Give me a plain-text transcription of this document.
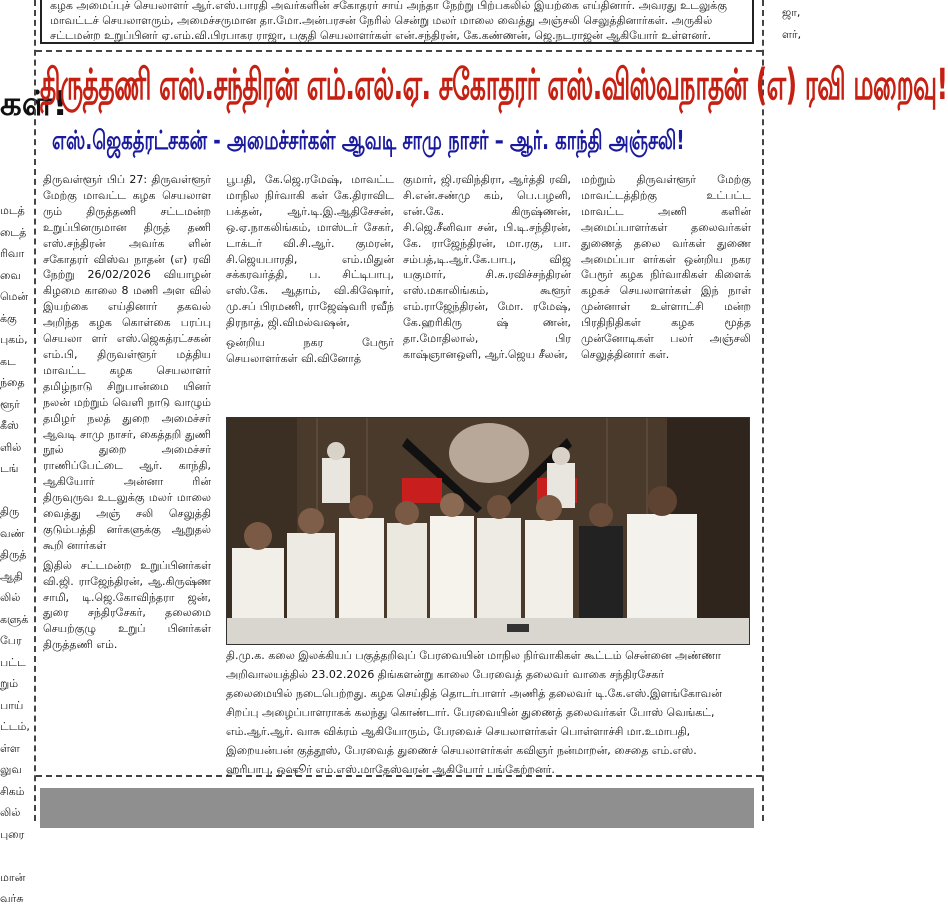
கள்!
மடத்
டைத்
ரிவா
வை
மென்
க்கு
புகம்,
கட
ந்தை
ளூர்
கீஸ்
ளில்
டங்

திரு
வண்
திருத்
ஆதி
லில்
களுக்
பேர
பட்ட
றும்
பாய்
ட்டம்,
ள்ள
லுவ
சிகம்
லில்
புரை

மான்
வர்சு
ஜா,
ளர்,
கழக அமைப்புச் செயலாளர் ஆர்.எஸ்.பாரதி அவர்களின் சகோதரர் சாய் அந்தா நேற்று பிற்பகலில் இயற்கை எய்தினார். அவரது உடலுக்கு
மாவட்டச் செயலாளரும், அமைச்சருமான தா.மோ.அன்பரசன் நேரில் சென்று மலர் மாலை வைத்து அஞ்சலி செலுத்தினார்கள். அருகில்
சட்டமன்ற உறுப்பினர் ஏ.எம்.வி.பிரபாகர ராஜா, பகுதி செயலாளர்கள் என்.சந்திரன், கே.கண்ணன், ஜெ.நடராஜன் ஆகியோர் உள்ளனர்.
திருத்தணி எஸ்.சந்திரன் எம்.எல்.ஏ. சகோதரர் எஸ்.விஸ்வநாதன் (எ) ரவி மறைவு!
எஸ்.ஜெகத்ரட்சகன் - அமைச்சர்கள் ஆவடி சாமு நாசர் – ஆர். காந்தி அஞ்சலி!

திருவள்ளூர் பிப் 27: திருவள்ளூர் மேற்கு மாவட்ட கழக செயலாள ரும் திருத்தணி சட்டமன்ற உறுப்பினருமான திருத் தணி எஸ்.சந்திரன் அவர்க ளின் சகோதரர் விஸ்வ நாதன் (எ) ரவி நேற்று 26/02/2026 வியாழன் கிழமை காலை 8 மணி அள வில் இயற்கை எய்தினார் தகவல் அறிந்த கழக கொள்கை பரப்பு செயலா ளர் எஸ்.ஜெகத்ரட்சகன் எம்.பி, திருவள்ளூர் மத்திய மாவட்ட கழக செயலாளர் தமிழ்நாடு சிறுபான்மை யினர் நலன் மற்றும் வெளி நாடு வாழும் தமிழர் நலத் துறை அமைச்சர் ஆவடி சாமு நாசர், கைத்தறி துணி நூல் துறை அமைச்சர் ராணிப்பேட்டை ஆர். காந்தி, ஆகியோர் அன்னா ரின் திருவுருவ உடலுக்கு மலர் மாலை வைத்து அஞ் சலி செலுத்தி குடும்பத்தி னர்களுக்கு ஆறுதல் கூறி னார்கள்

இதில் சட்டமன்ற உறுப்பினர்கள் வி.ஜி. ராஜேந்திரன், ஆ.கிருஷ்ண சாமி, டி.ஜெ.கோவிந்தரா ஜன், துரை சந்திரசேகர், தலைமை செயற்குழு உறுப் பினர்கள் திருத்தணி எம்.

பூபதி, கே.ஜெ.ரமேஷ், மாவட்ட மாநில நிர்வாகி கள் கே.திராவிட பக்தன், ஆர்.டி.இ.ஆதிசேசன், ஒ.ஏ.நாகலிங்கம், மாஸ்டர் சேகர், டாக்டர் வி.சி.ஆர். குமரன், சி.ஜெயபாரதி, எம்.மிதுன் சக்கரவர்த்தி, ப. சிட்டிபாபு, எஸ்.கே. ஆதாம், வி.கிஷோர், மு.சப் பிரமணி, ராஜேஷ்வரி ரவீந் திரநாத், ஜி.விமல்வஷன்,

ஒன்றிய நகர பேரூர் செயலாளர்கள் வி.வினோத்

குமார், ஜி.ரவிந்திரா, ஆர்த்தி ரவி, சி.என்.சண்மு கம், பெ.பழனி, என்.கே. கிருஷ்ணன், சி.ஜெ.சீனிவா சன், பி.டி.சந்திரன், கே. ராஜேந்திரன், மா.ரகு, பா. சம்பத்,டி.ஆர்.கே.பாபு, விஜ யகுமார், சி.சு.ரவிச்சந்திரன் எஸ்.மகாலிங்கம், கூளூர் எம்.ராஜேந்திரன், மோ. ரமேஷ், கே.ஹரிகிரு ஷ் ணன், தா.மோதிலால், பிர காஷ்ஞானஒளி, ஆர்.ஜெய சீலன்,

மற்றும் திருவள்ளூர் மேற்கு மாவட்டத்திற்கு உட்பட்ட மாவட்ட அணி களின் அமைப்பாளர்கள் தலைவர்கள் துணைத் தலை வர்கள் துணை அமைப்பா ளர்கள் ஒன்றிய நகர பேரூர் கழக நிர்வாகிகள் கிளைக் கழகச் செயலாளர்கள் இந் நாள் முன்னாள் உள்ளாட்சி மன்ற பிரதிநிதிகள் கழக மூத்த முன்னோடிகள் பலர் அஞ்சலி செலுத்தினார் கள்.

தி.மு.க. கலை இலக்கியப் பகுத்தறிவுப் பேரவையின் மாநில நிர்வாகிகள் கூட்டம் சென்னை அண்ணா
அறிவாலயத்தில் 23.02.2026 திங்களன்று காலை பேரவைத் தலைவர் வாகை சந்திரசேகர்
தலைமையில் நடைபெற்றது. கழக செய்தித் தொடர்பாளர் அணித் தலைவர் டி.கே.எஸ்.இளங்கோவன்
சிறப்பு அழைப்பாளராகக் கலந்து கொண்டார். பேரவையின் துணைத் தலைவர்கள் போஸ் வெங்கட்,
எம்.ஆர்.ஆர். வாசு விக்ரம் ஆகியோரும், பேரவைச் செயலாளர்கள் பொள்ளாச்சி மா.உமாபதி,
இறையன்பன் குத்தூஸ், பேரவைத் துணைச் செயலாளர்கள் கவிஞர் நன்மாறன், சைதை எம்.எஸ்.
ஹரிபாபு, ஒஷூர் எம்.எஸ்.மாதேஸ்வரன் ஆகியோர் பங்கேற்றனர்.
